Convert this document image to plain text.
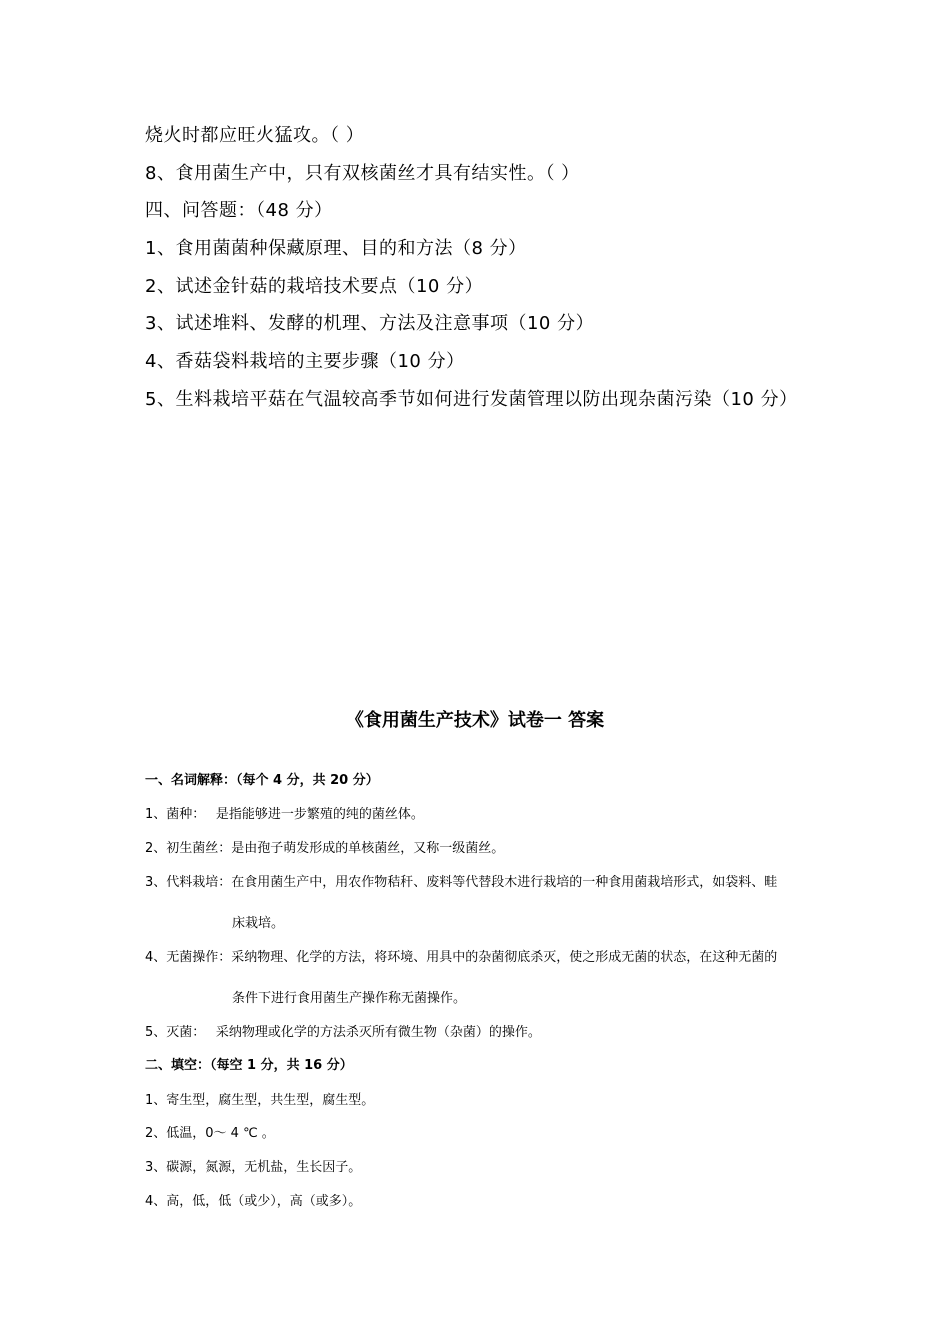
烧火时都应旺火猛攻。（ ）
8、食用菌生产中，只有双核菌丝才具有结实性。（ ）
四、问答题：（48 分）
1、食用菌菌种保藏原理、目的和方法（8 分）
2、试述金针菇的栽培技术要点（10 分）
3、试述堆料、发酵的机理、方法及注意事项（10 分）
4、香菇袋料栽培的主要步骤（10 分）
5、生料栽培平菇在气温较高季节如何进行发菌管理以防出现杂菌污染（10 分）
《食用菌生产技术》试卷一 答案
一、名词解释：（每个 4 分，共 20 分）
1、菌种：　 是指能够进一步繁殖的纯的菌丝体。
2、初生菌丝：是由孢子萌发形成的单核菌丝，又称一级菌丝。
3、代料栽培：在食用菌生产中，用农作物秸秆、废料等代替段木进行栽培的一种食用菌栽培形式，如袋料、畦
床栽培。
4、无菌操作：采纳物理、化学的方法，将环境、用具中的杂菌彻底杀灭，使之形成无菌的状态，在这种无菌的
条件下进行食用菌生产操作称无菌操作。
5、灭菌：　 采纳物理或化学的方法杀灭所有微生物（杂菌）的操作。
二、填空：（每空 1 分，共 16 分）
1、寄生型，腐生型，共生型，腐生型。
2、低温，0～ 4 ℃ 。
3、碳源，氮源，无机盐，生长因子。
4、高，低，低（或少），高（或多）。
